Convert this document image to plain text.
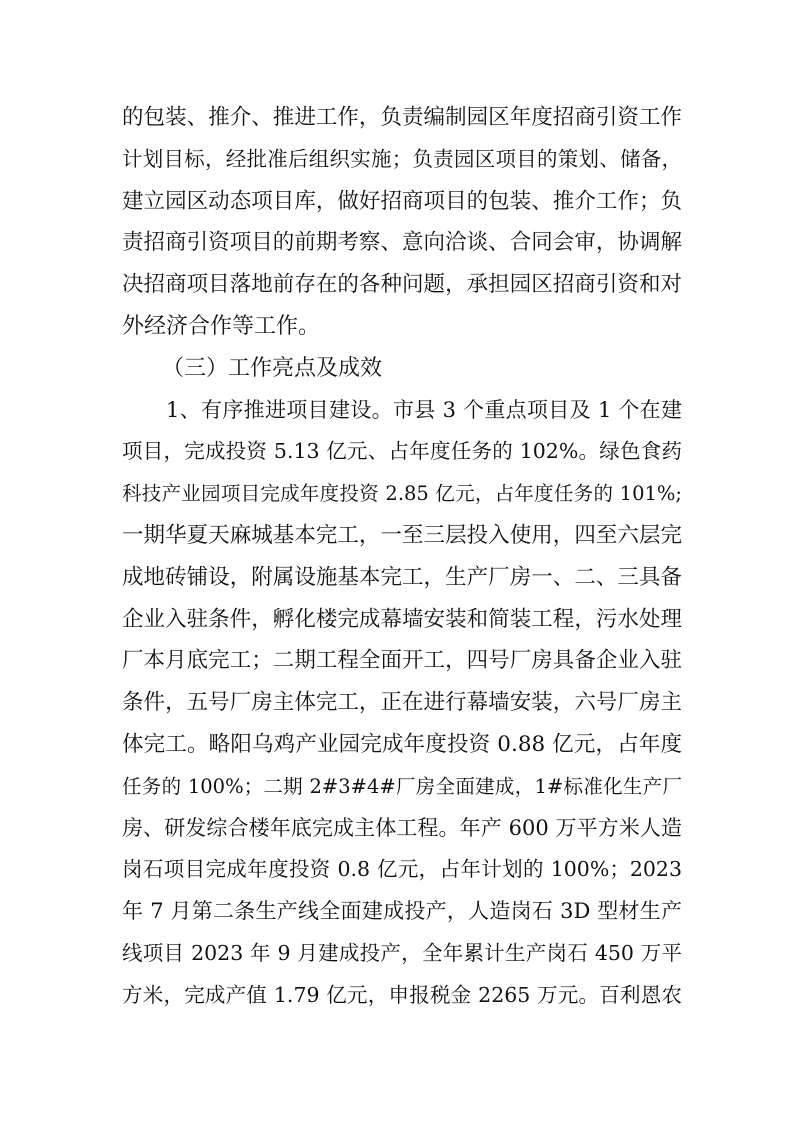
的包装、推介、推进工作，负责编制园区年度招商引资工作
计划目标，经批准后组织实施；负责园区项目的策划、储备，
建立园区动态项目库，做好招商项目的包装、推介工作；负
责招商引资项目的前期考察、意向洽谈、合同会审，协调解
决招商项目落地前存在的各种问题，承担园区招商引资和对
外经济合作等工作。
（三）工作亮点及成效
1、有序推进项目建设。市县 3 个重点项目及 1 个在建
项目，完成投资 5.13 亿元、占年度任务的 102%。绿色食药
科技产业园项目完成年度投资 2.85 亿元，占年度任务的 101%;
一期华夏天麻城基本完工，一至三层投入使用，四至六层完
成地砖铺设，附属设施基本完工，生产厂房一、二、三具备
企业入驻条件，孵化楼完成幕墙安装和简装工程，污水处理
厂本月底完工；二期工程全面开工，四号厂房具备企业入驻
条件，五号厂房主体完工，正在进行幕墙安装，六号厂房主
体完工。略阳乌鸡产业园完成年度投资 0.88 亿元，占年度
任务的 100%；二期 2#3#4#厂房全面建成，1#标准化生产厂
房、研发综合楼年底完成主体工程。年产 600 万平方米人造
岗石项目完成年度投资 0.8 亿元，占年计划的 100%；2023
年 7 月第二条生产线全面建成投产，人造岗石 3D 型材生产
线项目 2023 年 9 月建成投产，全年累计生产岗石 450 万平
方米，完成产值 1.79 亿元，申报税金 2265 万元。百利恩农
